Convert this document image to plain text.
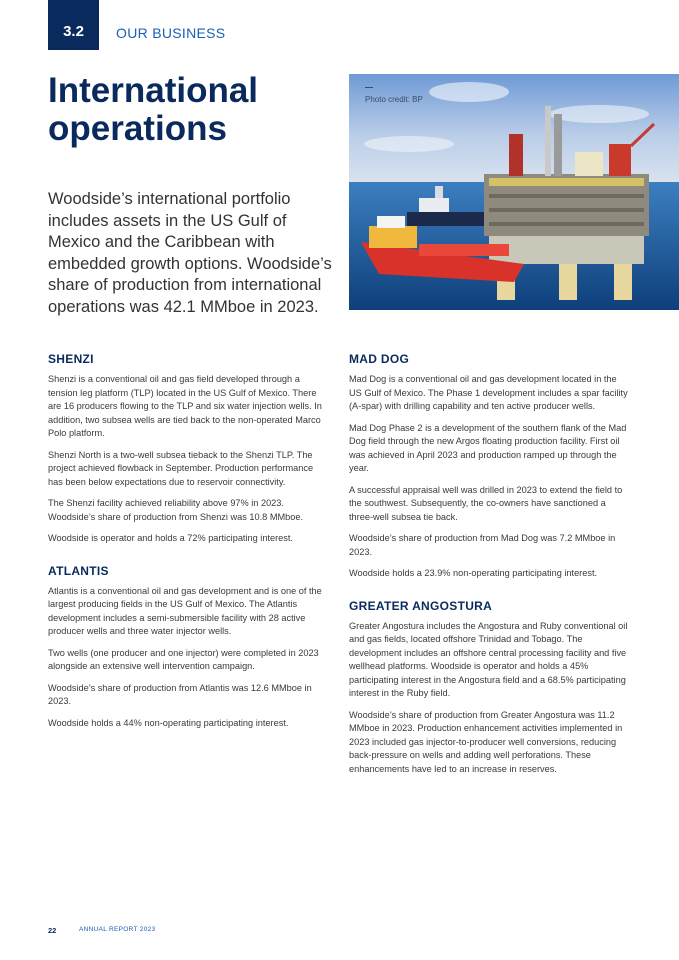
3.2 OUR BUSINESS
International operations

Woodside’s international portfolio includes assets in the US Gulf of Mexico and the Caribbean with embedded growth options. Woodside’s share of production from international operations was 42.1 MMboe in 2023.

Photo credit: BP
SHENZI

Shenzi is a conventional oil and gas field developed through a tension leg platform (TLP) located in the US Gulf of Mexico. There are 16 producers flowing to the TLP and six water injection wells. In addition, two subsea wells are tied back to the non-operated Marco Polo platform.

Shenzi North is a two-well subsea tieback to the Shenzi TLP. The project achieved flowback in September. Production performance has been below expectations due to reservoir connectivity.

The Shenzi facility achieved reliability above 97% in 2023. Woodside’s share of production from Shenzi was 10.8 MMboe.

Woodside is operator and holds a 72% participating interest.

ATLANTIS

Atlantis is a conventional oil and gas development and is one of the largest producing fields in the US Gulf of Mexico. The Atlantis development includes a semi-submersible facility with 28 active producer wells and three water injector wells.

Two wells (one producer and one injector) were completed in 2023 alongside an extensive well intervention campaign.

Woodside’s share of production from Atlantis was 12.6 MMboe in 2023.

Woodside holds a 44% non-operating participating interest.

MAD DOG

Mad Dog is a conventional oil and gas development located in the US Gulf of Mexico. The Phase 1 development includes a spar facility (A-spar) with drilling capability and ten active producer wells.

Mad Dog Phase 2 is a development of the southern flank of the Mad Dog field through the new Argos floating production facility. First oil was achieved in April 2023 and production ramped up through the year.

A successful appraisal well was drilled in 2023 to extend the field to the southwest. Subsequently, the co-owners have sanctioned a three-well subsea tie back.

Woodside’s share of production from Mad Dog was 7.2 MMboe in 2023.

Woodside holds a 23.9% non-operating participating interest.

GREATER ANGOSTURA

Greater Angostura includes the Angostura and Ruby conventional oil and gas fields, located offshore Trinidad and Tobago. The development includes an offshore central processing facility and five wellhead platforms. Woodside is operator and holds a 45% participating interest in the Angostura field and a 68.5% participating interest in the Ruby field.

Woodside’s share of production from Greater Angostura was 11.2 MMboe in 2023. Production enhancement activities implemented in 2023 included gas injector-to-producer well conversions, reducing back-pressure on wells and adding well perforations. These enhancements have led to an increase in reserves.

22	ANNUAL REPORT 2023
